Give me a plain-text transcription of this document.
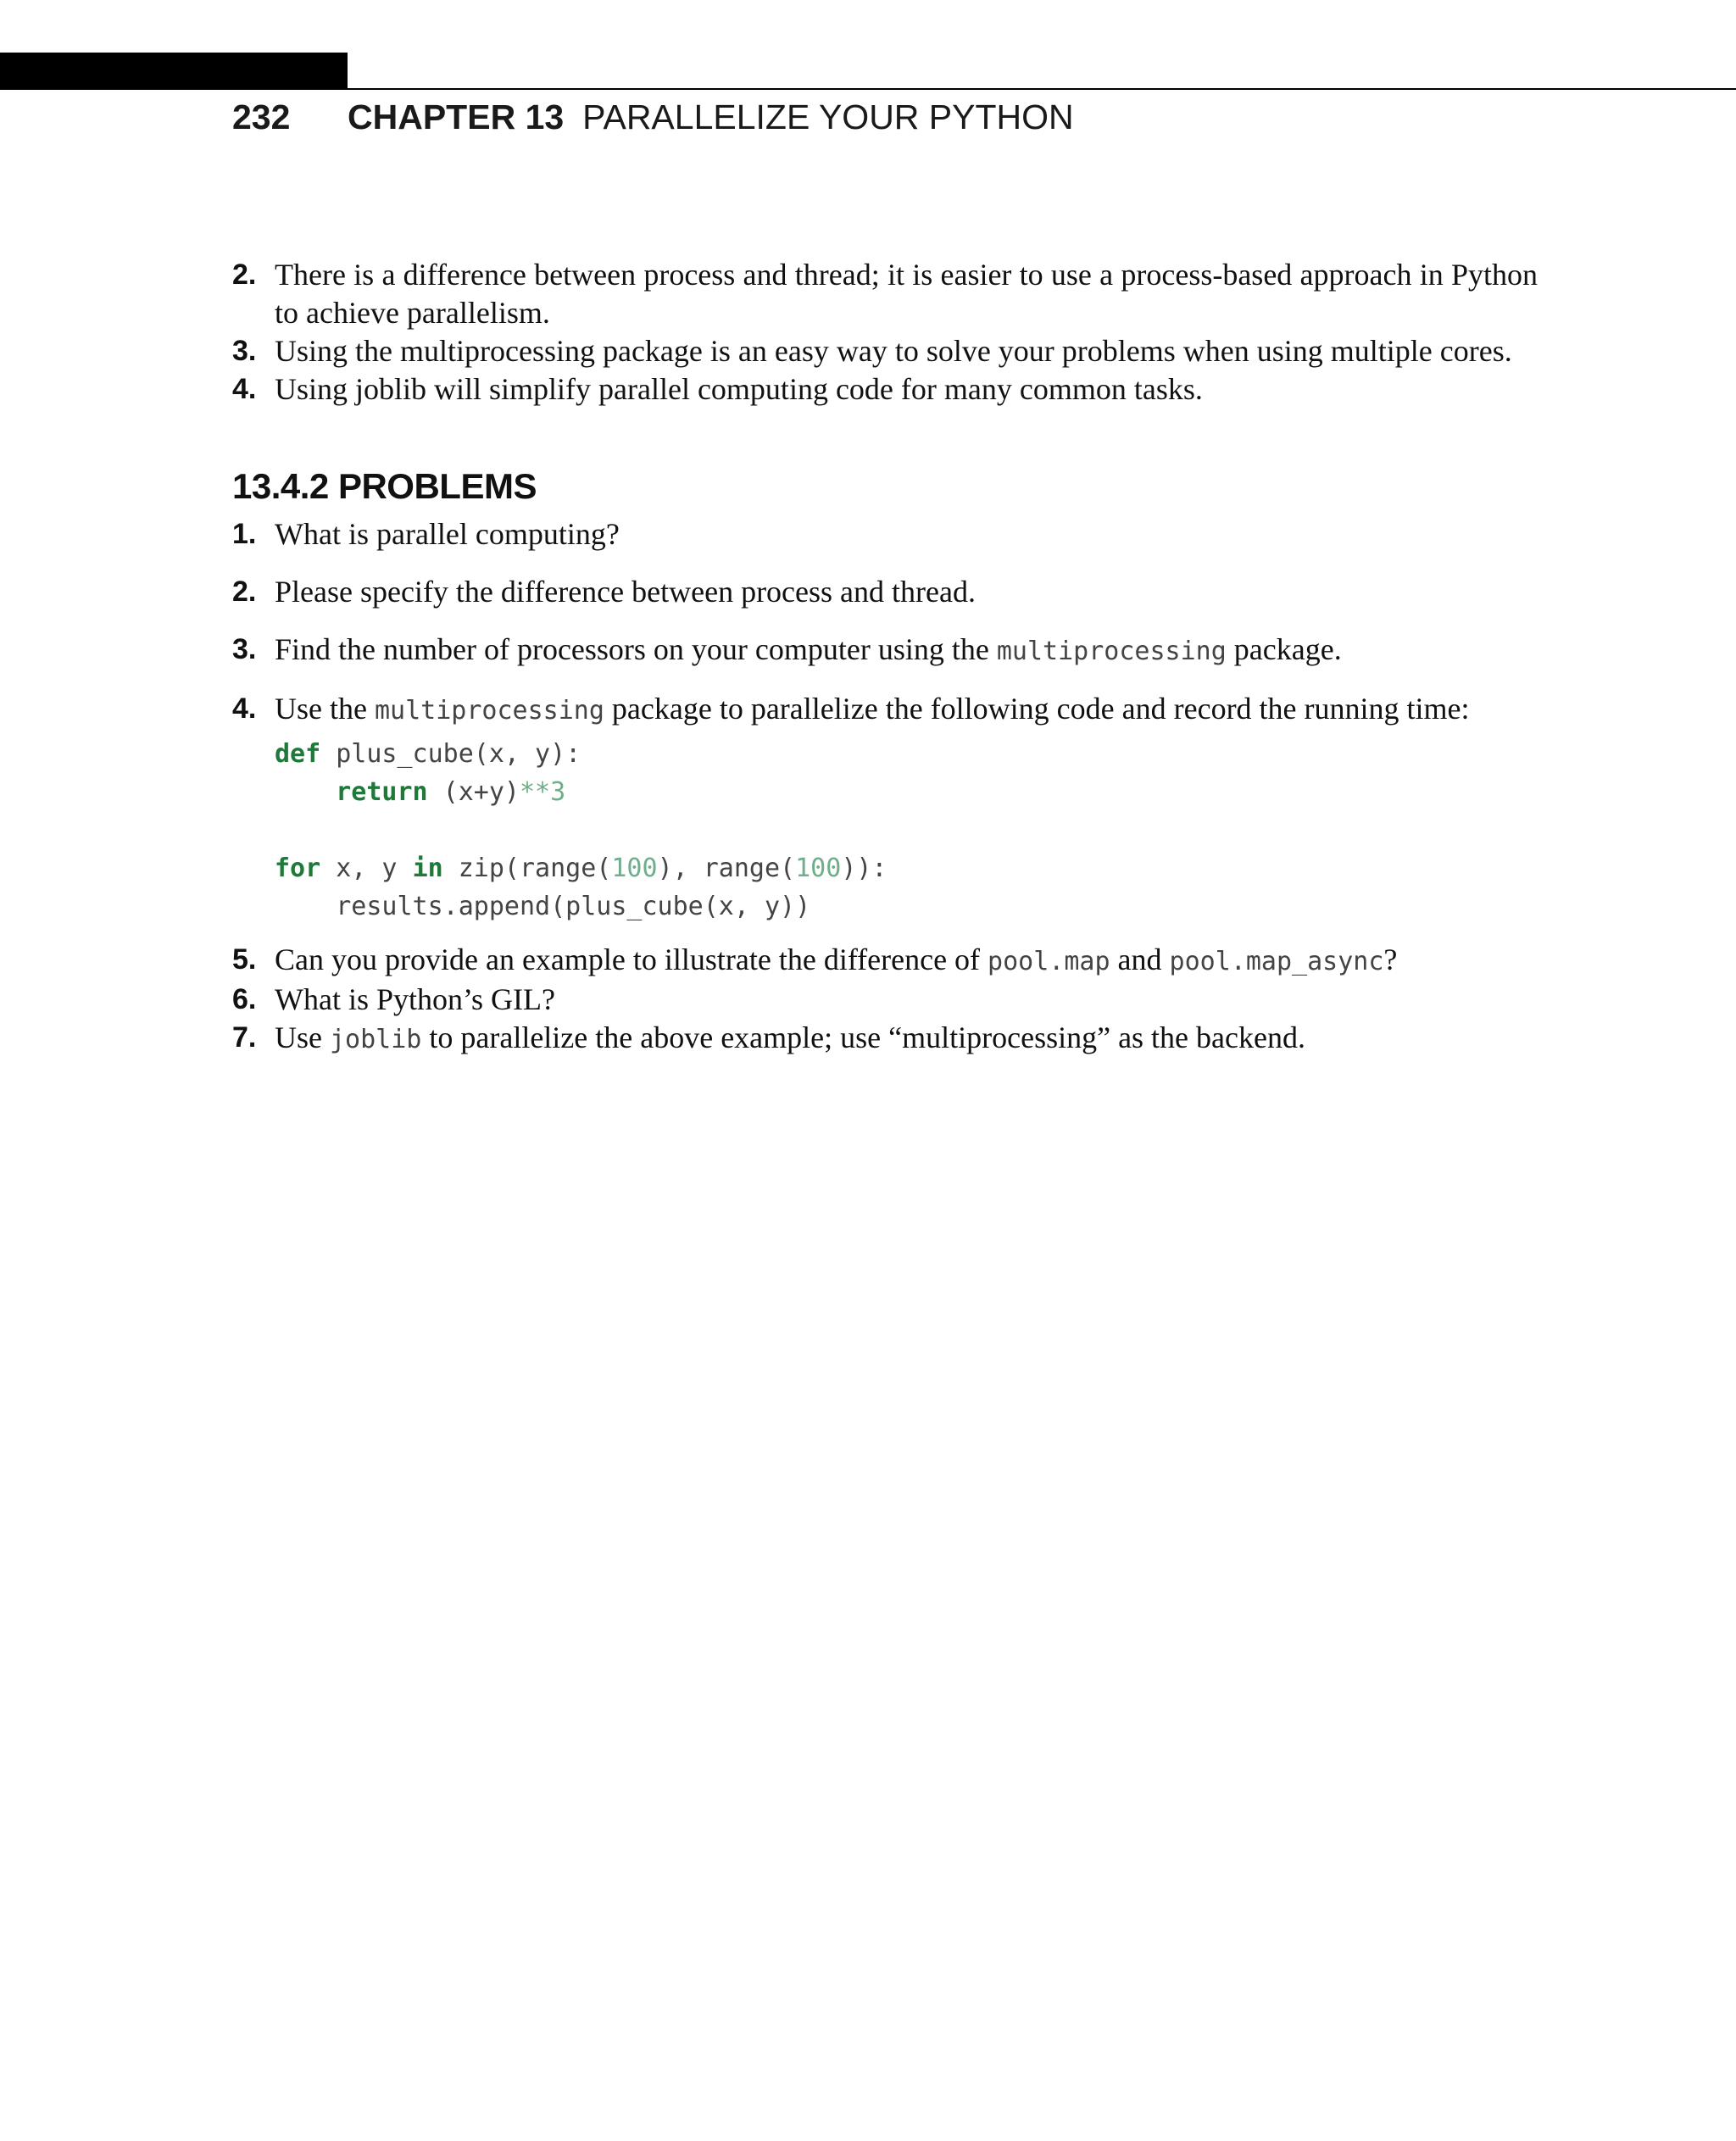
232	CHAPTER 13 PARALLELIZE YOUR PYTHON
2. There is a difference between process and thread; it is easier to use a process-based approach in Python to achieve parallelism.
3. Using the multiprocessing package is an easy way to solve your problems when using multiple cores.
4. Using joblib will simplify parallel computing code for many common tasks.
13.4.2 PROBLEMS
1. What is parallel computing?
2. Please specify the difference between process and thread.
3. Find the number of processors on your computer using the multiprocessing package.
4. Use the multiprocessing package to parallelize the following code and record the running time:
def plus_cube(x, y):
return (x+y)**3

for x, y in zip(range(100), range(100)):
results.append(plus_cube(x, y))
5. Can you provide an example to illustrate the difference of pool.map and pool.map_async?
6. What is Python’s GIL?
7. Use joblib to parallelize the above example; use “multiprocessing” as the backend.
